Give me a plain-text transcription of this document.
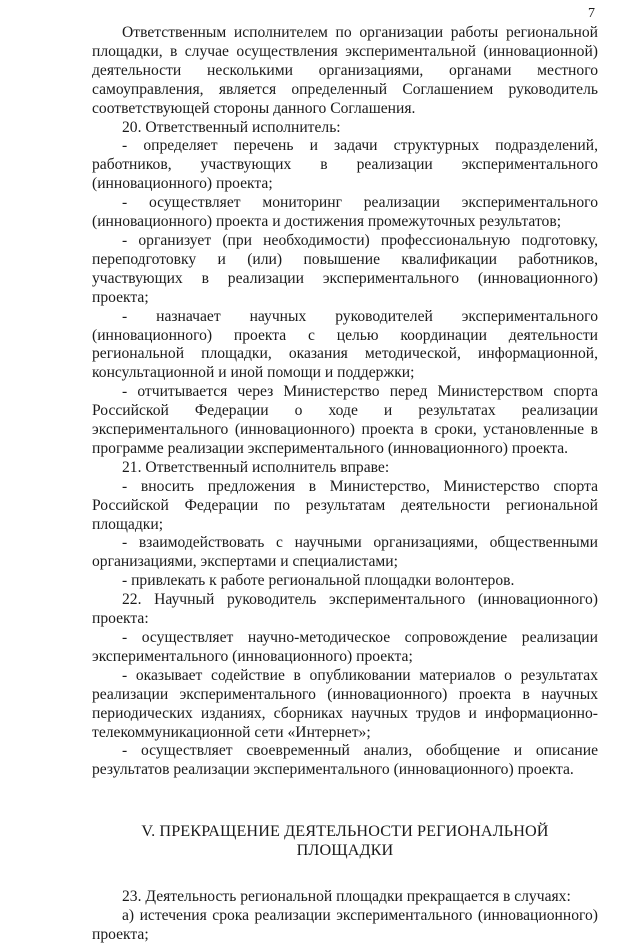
7

Ответственным исполнителем по организации работы региональной площадки, в случае осуществления экспериментальной (инновационной) деятельности несколькими организациями, органами местного самоуправления, является определенный Соглашением руководитель соответствующей стороны данного Соглашения.

20. Ответственный исполнитель:

- определяет перечень и задачи структурных подразделений, работников, участвующих в реализации экспериментального (инновационного) проекта;

- осуществляет мониторинг реализации экспериментального (инновационного) проекта и достижения промежуточных результатов;

- организует (при необходимости) профессиональную подготовку, переподготовку и (или) повышение квалификации работников, участвующих в реализации экспериментального (инновационного) проекта;

- назначает научных руководителей экспериментального (инновационного) проекта с целью координации деятельности региональной площадки, оказания методической, информационной, консультационной и иной помощи и поддержки;

- отчитывается через Министерство перед Министерством спорта Российской Федерации о ходе и результатах реализации экспериментального (инновационного) проекта в сроки, установленные в программе реализации экспериментального (инновационного) проекта.

21. Ответственный исполнитель вправе:

- вносить предложения в Министерство, Министерство спорта Российской Федерации по результатам деятельности региональной площадки;

- взаимодействовать с научными организациями, общественными организациями, экспертами и специалистами;

- привлекать к работе региональной площадки волонтеров.

22. Научный руководитель экспериментального (инновационного) проекта:

- осуществляет научно-методическое сопровождение реализации экспериментального (инновационного) проекта;

- оказывает содействие в опубликовании материалов о результатах реализации экспериментального (инновационного) проекта в научных периодических изданиях, сборниках научных трудов и информационно-телекоммуникационной сети «Интернет»;

- осуществляет своевременный анализ, обобщение и описание результатов реализации экспериментального (инновационного) проекта.

V. ПРЕКРАЩЕНИЕ ДЕЯТЕЛЬНОСТИ РЕГИОНАЛЬНОЙ ПЛОЩАДКИ

23. Деятельность региональной площадки прекращается в случаях:

а) истечения срока реализации экспериментального (инновационного) проекта;
